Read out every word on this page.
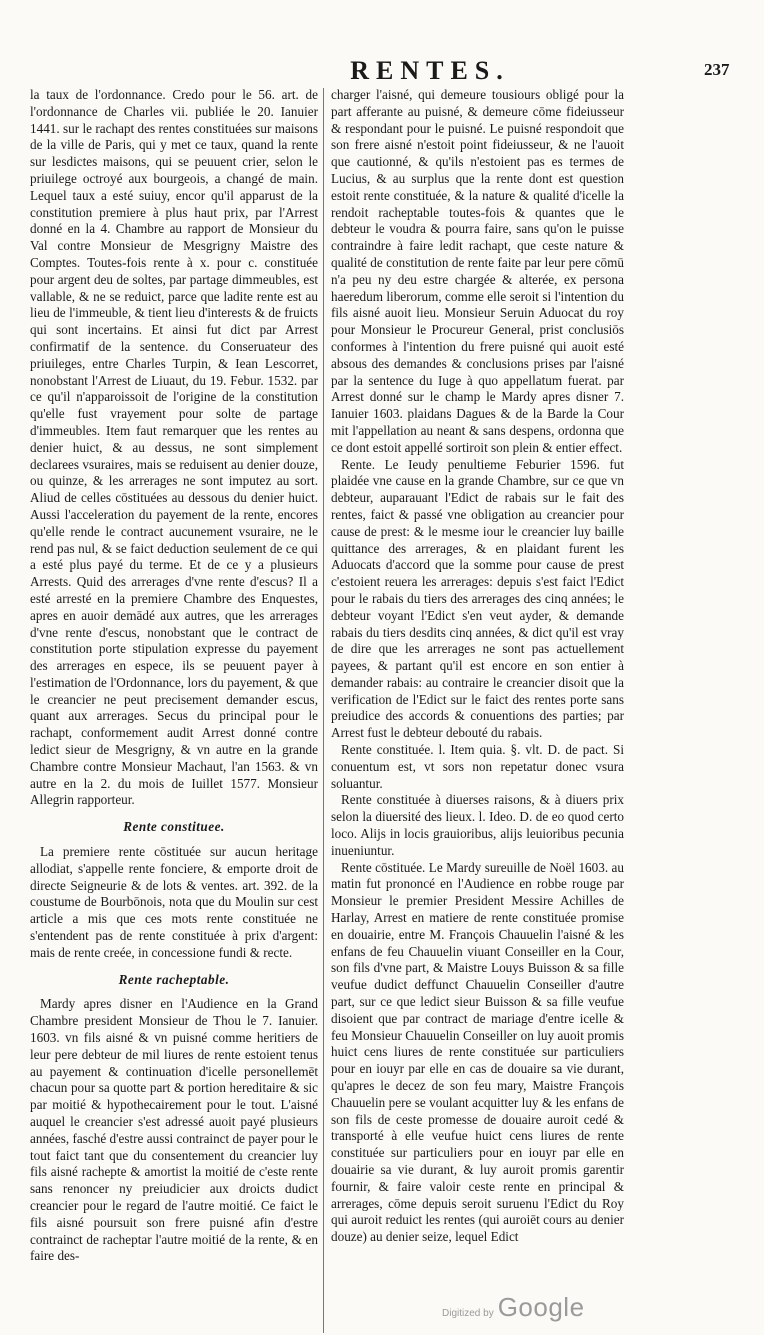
RENTES.	237

la taux de l'ordonnance. Credo pour le 56. art. de l'ordonnance de Charles vii. publiée le 20. Ianuier 1441. sur le rachapt des rentes constituées sur maisons de la ville de Paris, qui y met ce taux, quand la rente sur lesdictes maisons, qui se peuuent crier, selon le priuilege octroyé aux bourgeois, a changé de main. Lequel taux a esté suiuy, encor qu'il apparust de la constitution premiere à plus haut prix, par l'Arrest donné en la 4. Chambre au rapport de Monsieur du Val contre Monsieur de Mesgrigny Maistre des Comptes. Toutes-fois rente à x. pour c. constituée pour argent deu de soltes, par partage dimmeubles, est vallable, & ne se reduict, parce que ladite rente est au lieu de l'immeuble, & tient lieu d'interests & de fruicts qui sont incertains. Et ainsi fut dict par Arrest confirmatif de la sentence. du Conseruateur des priuileges, entre Charles Turpin, & Iean Lescorret, nonobstant l'Arrest de Liuaut, du 19. Febur. 1532. par ce qu'il n'apparoissoit de l'origine de la constitution qu'elle fust vrayement pour solte de partage d'immeubles. Item faut remarquer que les rentes au denier huict, & au dessus, ne sont simplement declarees vsuraires, mais se reduisent au denier douze, ou quinze, & les arrerages ne sont imputez au sort. Aliud de celles cōstituées au dessous du denier huict. Aussi l'acceleration du payement de la rente, encores qu'elle rende le contract aucunement vsuraire, ne le rend pas nul, & se faict deduction seulement de ce qui a esté plus payé du terme. Et de ce y a plusieurs Arrests. Quid des arrerages d'vne rente d'escus? Il a esté arresté en la premiere Chambre des Enquestes, apres en auoir demādé aux autres, que les arrerages d'vne rente d'escus, nonobstant que le contract de constitution porte stipulation expresse du payement des arrerages en espece, ils se peuuent payer à l'estimation de l'Ordonnance, lors du payement, & que le creancier ne peut precisement demander escus, quant aux arrerages. Secus du principal pour le rachapt, conformement audit Arrest donné contre ledict sieur de Mesgrigny, & vn autre en la grande Chambre contre Monsieur Machaut, l'an 1563. & vn autre en la 2. du mois de Iuillet 1577. Monsieur Allegrin rapporteur.

Rente constituee.

La premiere rente cōstituée sur aucun heritage allodiat, s'appelle rente fonciere, & emporte droit de directe Seigneurie & de lots & ventes. art. 392. de la coustume de Bourbōnois, nota que du Moulin sur cest article a mis que ces mots rente constituée ne s'entendent pas de rente constituée à prix d'argent: mais de rente creée, in concessione fundi & recte.

Rente racheptable.

Mardy apres disner en l'Audience en la Grand Chambre president Monsieur de Thou le 7. Ianuier. 1603. vn fils aisné & vn puisné comme heritiers de leur pere debteur de mil liures de rente estoient tenus au payement & continuation d'icelle personellemēt chacun pour sa quotte part & portion hereditaire & sic par moitié & hypothecairement pour le tout. L'aisné auquel le creancier s'est adressé auoit payé plusieurs années, fasché d'estre aussi contrainct de payer pour le tout faict tant que du consentement du creancier luy fils aisné rachepte & amortist la moitié de c'este rente sans renoncer ny preiudicier aux droicts dudict creancier pour le regard de l'autre moitié. Ce faict le fils aisné poursuit son frere puisné afin d'estre contrainct de racheptar l'autre moitié de la rente, & en faire des-

charger l'aisné, qui demeure tousiours obligé pour la part afferante au puisné, & demeure cōme fideiusseur & respondant pour le puisné. Le puisné respondoit que son frere aisné n'estoit point fideiusseur, & ne l'auoit que cautionné, & qu'ils n'estoient pas es termes de Lucius, & au surplus que la rente dont est question estoit rente constituée, & la nature & qualité d'icelle la rendoit racheptable toutes-fois & quantes que le debteur le voudra & pourra faire, sans qu'on le puisse contraindre à faire ledit rachapt, que ceste nature & qualité de constitution de rente faite par leur pere cōmū n'a peu ny deu estre chargée & alterée, ex persona haeredum liberorum, comme elle seroit si l'intention du fils aisné auoit lieu. Monsieur Seruin Aduocat du roy pour Monsieur le Procureur General, prist conclusiōs conformes à l'intention du frere puisné qui auoit esté absous des demandes & conclusions prises par l'aisné par la sentence du Iuge à quo appellatum fuerat. par Arrest donné sur le champ le Mardy apres disner 7. Ianuier 1603. plaidans Dagues & de la Barde la Cour mit l'appellation au neant & sans despens, ordonna que ce dont estoit appellé sortiroit son plein & entier effect.

Rente. Le Ieudy penultieme Feburier 1596. fut plaidée vne cause en la grande Chambre, sur ce que vn debteur, auparauant l'Edict de rabais sur le fait des rentes, faict & passé vne obligation au creancier pour cause de prest: & le mesme iour le creancier luy baille quittance des arrerages, & en plaidant furent les Aduocats d'accord que la somme pour cause de prest c'estoient reuera les arrerages: depuis s'est faict l'Edict pour le rabais du tiers des arrerages des cinq années; le debteur voyant l'Edict s'en veut ayder, & demande rabais du tiers desdits cinq années, & dict qu'il est vray de dire que les arrerages ne sont pas actuellement payees, & partant qu'il est encore en son entier à demander rabais: au contraire le creancier disoit que la verification de l'Edict sur le faict des rentes porte sans preiudice des accords & conuentions des parties; par Arrest fust le debteur debouté du rabais.

Rente constituée. l. Item quia. §. vlt. D. de pact. Si conuentum est, vt sors non repetatur donec vsura soluantur.

Rente constituée à diuerses raisons, & à diuers prix selon la diuersité des lieux. l. Ideo. D. de eo quod certo loco. Alijs in locis grauioribus, alijs leuioribus pecunia inueniuntur.

Rente cōstituée. Le Mardy sureuille de Noël 1603. au matin fut prononcé en l'Audience en robbe rouge par Monsieur le premier President Messire Achilles de Harlay, Arrest en matiere de rente constituée promise en douairie, entre M. François Chauuelin l'aisné & les enfans de feu Chauuelin viuant Conseiller en la Cour, son fils d'vne part, & Maistre Louys Buisson & sa fille veufue dudict deffunct Chauuelin Conseiller d'autre part, sur ce que ledict sieur Buisson & sa fille veufue disoient que par contract de mariage d'entre icelle & feu Monsieur Chauuelin Conseiller on luy auoit promis huict cens liures de rente constituée sur particuliers pour en iouyr par elle en cas de douaire sa vie durant, qu'apres le decez de son feu mary, Maistre François Chauuelin pere se voulant acquitter luy & les enfans de son fils de ceste promesse de douaire auroit cedé & transporté à elle veufue huict cens liures de rente constituée sur particuliers pour en iouyr par elle en douairie sa vie durant, & luy auroit promis garentir fournir, & faire valoir ceste rente en principal & arrerages, cōme depuis seroit suruenu l'Edict du Roy qui auroit reduict les rentes (qui auroiēt cours au denier douze) au denier seize, lequel Edict

Digitized by Google
